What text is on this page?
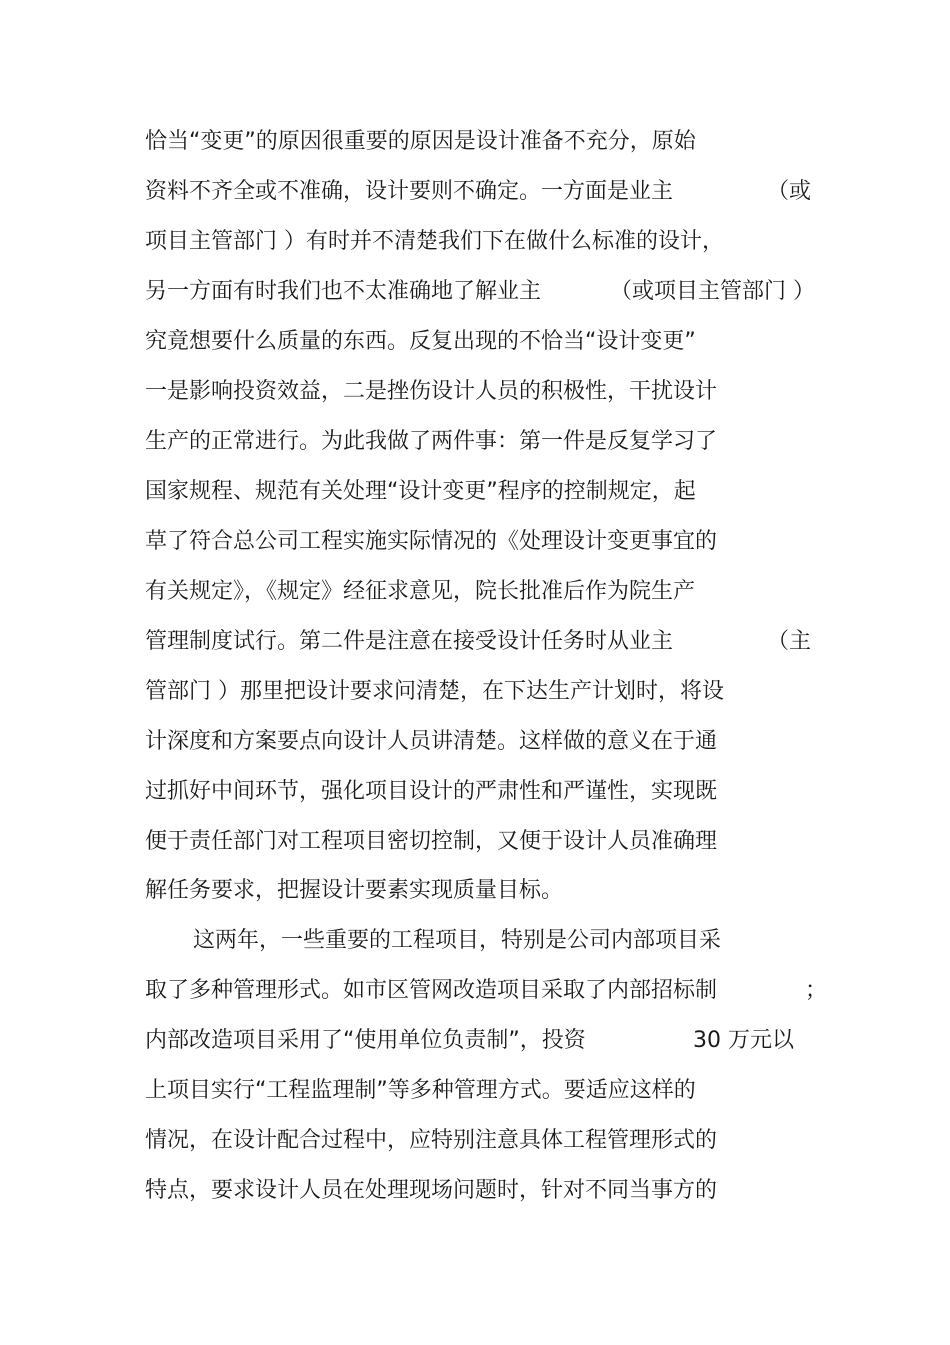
恰当“变更”的原因很重要的原因是设计准备不充分，原始
资料不齐全或不准确，设计要则不确定。一方面是业主	（或
项目主管部门 ）有时并不清楚我们下在做什么标准的设计，
另一方面有时我们也不太准确地了解业主	（或项目主管部门 ）
究竟想要什么质量的东西。反复出现的不恰当“设计变更”
一是影响投资效益，二是挫伤设计人员的积极性，干扰设计
生产的正常进行。为此我做了两件事：第一件是反复学习了
国家规程、规范有关处理“设计变更”程序的控制规定，起
草了符合总公司工程实施实际情况的《处理设计变更事宜的
有关规定》，《规定》经征求意见，院长批准后作为院生产
管理制度试行。第二件是注意在接受设计任务时从业主	（主
管部门 ）那里把设计要求问清楚，在下达生产计划时，将设
计深度和方案要点向设计人员讲清楚。这样做的意义在于通
过抓好中间环节，强化项目设计的严肃性和严谨性，实现既
便于责任部门对工程项目密切控制，又便于设计人员准确理
解任务要求，把握设计要素实现质量目标。
这两年，一些重要的工程项目，特别是公司内部项目采
取了多种管理形式。如市区管网改造项目采取了内部招标制	；
内部改造项目采用了“使用单位负责制”，投资	30 万元以
上项目实行“工程监理制”等多种管理方式。要适应这样的
情况，在设计配合过程中，应特别注意具体工程管理形式的
特点，要求设计人员在处理现场问题时，针对不同当事方的
